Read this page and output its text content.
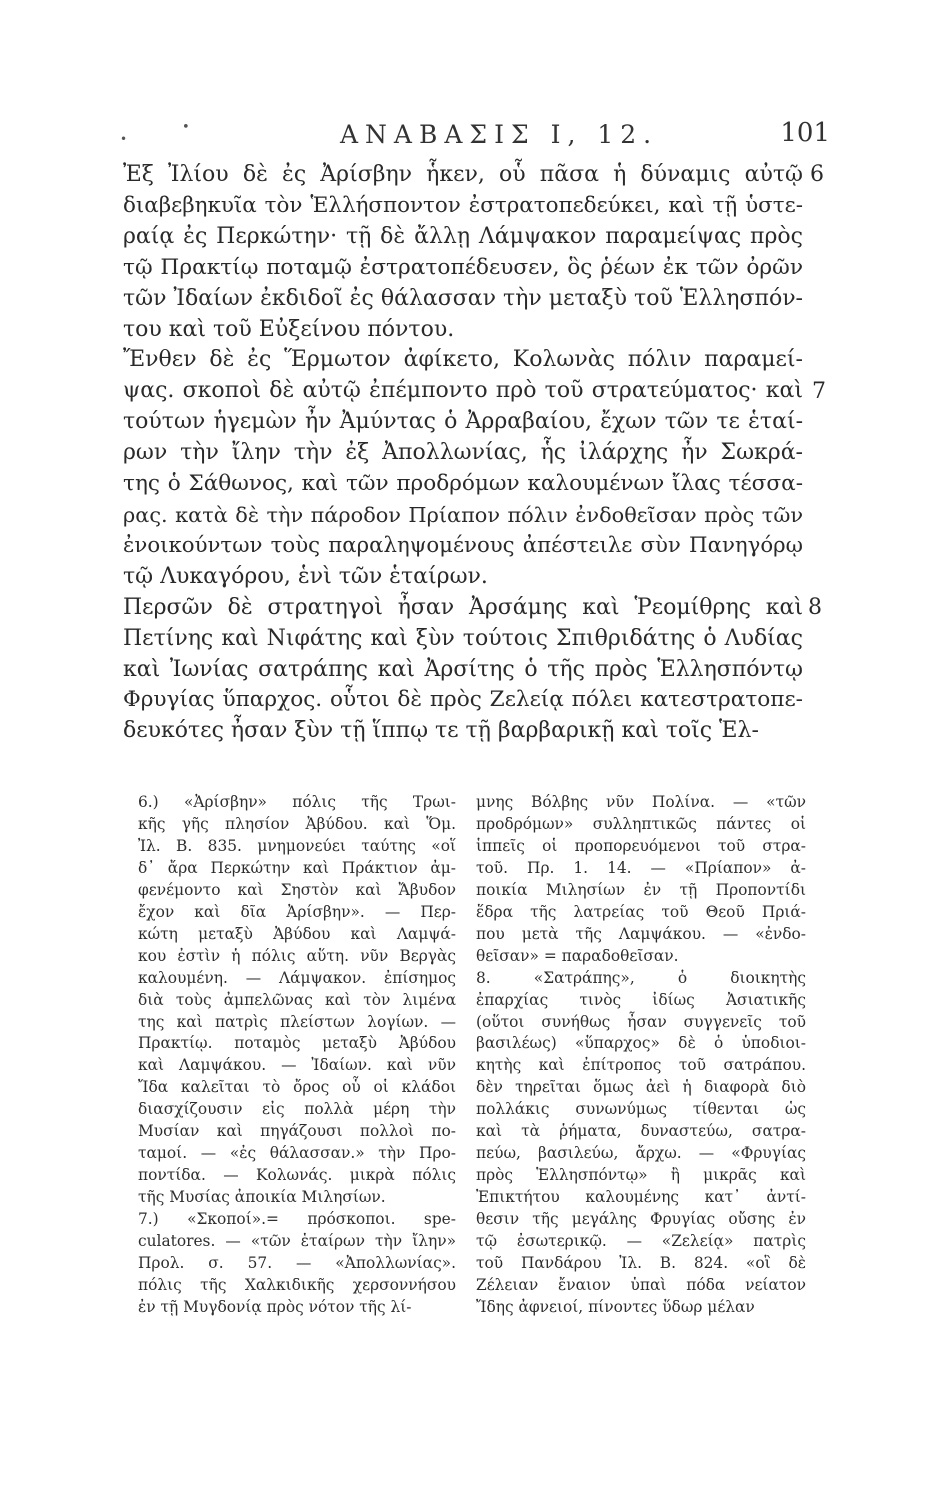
•
•	ΑΝΑΒΑΣΙΣ Ι, 12.	101
Ἐξ Ἰλίου δὲ ἐς Ἀρίσβην ἧκεν, οὗ πᾶσα ἡ δύναμις αὐτῷ
διαβεβηκυῖα τὸν Ἑλλήσποντον ἐστρατοπεδεύκει, καὶ τῇ ὑστε-
ραίᾳ ἐς Περκώτην· τῇ δὲ ἄλλῃ Λάμψακον παραμείψας πρὸς
τῷ Πρακτίῳ ποταμῷ ἐστρατοπέδευσεν, ὃς ῥέων ἐκ τῶν ὀρῶν
τῶν Ἰδαίων ἐκδιδοῖ ἐς θάλασσαν τὴν μεταξὺ τοῦ Ἑλλησπόν-
του καὶ τοῦ Εὐξείνου πόντου.
Ἔνθεν δὲ ἐς Ἕρμωτον ἀφίκετο, Κολωνὰς πόλιν παραμεί-
ψας. σκοποὶ δὲ αὐτῷ ἐπέμποντο πρὸ τοῦ στρατεύματος· καὶ
τούτων ἡγεμὼν ἦν Ἀμύντας ὁ Ἀρραβαίου, ἔχων τῶν τε ἑταί-
ρων τὴν ἴλην τὴν ἐξ Ἀπολλωνίας, ἧς ἰλάρχης ἦν Σωκρά-
της ὁ Σάθωνος, καὶ τῶν προδρόμων καλουμένων ἴλας τέσσα-
ρας. κατὰ δὲ τὴν πάροδον Πρίαπον πόλιν ἐνδοθεῖσαν πρὸς τῶν
ἐνοικούντων τοὺς παραληψομένους ἀπέστειλε σὺν Πανηγόρῳ
τῷ Λυκαγόρου, ἑνὶ τῶν ἑταίρων.
Περσῶν δὲ στρατηγοὶ ἦσαν Ἀρσάμης καὶ Ῥεομίθρης καὶ
Πετίνης καὶ Νιφάτης καὶ ξὺν τούτοις Σπιθριδάτης ὁ Λυδίας
καὶ Ἰωνίας σατράπης καὶ Ἀρσίτης ὁ τῆς πρὸς Ἑλλησπόντῳ
Φρυγίας ὕπαρχος. οὗτοι δὲ πρὸς Ζελείᾳ πόλει κατεστρατοπε-
δευκότες ἦσαν ξὺν τῇ ἵππῳ τε τῇ βαρβαρικῇ καὶ τοῖς Ἑλ-
6
7
8
6.) «Ἀρίσβην» πόλις τῆς Τρωι-
κῆς γῆς πλησίον Ἀβύδου. καὶ Ὅμ.
Ἰλ. Β. 835. μνημονεύει ταύτης «οἵ
δ᾽ ἄρα Περκώτην καὶ Πράκτιον ἀμ-
φενέμοντο καὶ Σηστὸν καὶ Ἄβυδον
ἔχον καὶ δῖα Ἀρίσβην». — Περ-
κώτη μεταξὺ Ἀβύδου καὶ Λαμψά-
κου ἐστὶν ἡ πόλις αὕτη. νῦν Βεργὰς
καλουμένη. — Λάμψακον. ἐπίσημος
διὰ τοὺς ἀμπελῶνας καὶ τὸν λιμένα
της καὶ πατρὶς πλείστων λογίων. —
Πρακτίῳ. ποταμὸς μεταξὺ Ἀβύδου
καὶ Λαμψάκου. — Ἰδαίων. καὶ νῦν
Ἴδα καλεῖται τὸ ὄρος οὗ οἱ κλάδοι
διασχίζουσιν εἰς πολλὰ μέρη τὴν
Μυσίαν καὶ πηγάζουσι πολλοὶ πο-
ταμοί. — «ἐς θάλασσαν.» τὴν Προ-
ποντίδα. — Κολωνάς. μικρὰ πόλις
τῆς Μυσίας ἀποικία Μιλησίων.
7.) «Σκοποί».= πρόσκοποι. spe-
culatores. — «τῶν ἑταίρων τὴν ἴλην»
Προλ. σ. 57. — «Ἀπολλωνίας».
πόλις τῆς Χαλκιδικῆς χερσοννήσου
ἐν τῇ Μυγδονίᾳ πρὸς νότον τῆς λί-
μνης Βόλβης νῦν Πολίνα. — «τῶν
προδρόμων» συλληπτικῶς πάντες οἱ
ἱππεῖς οἱ προπορευόμενοι τοῦ στρα-
τοῦ. Πρ. 1. 14. — «Πρίαπον» ἀ-
ποικία Μιλησίων ἐν τῇ Προποντίδι
ἕδρα τῆς λατρείας τοῦ Θεοῦ Πριά-
που μετὰ τῆς Λαμψάκου. — «ἐνδο-
θεῖσαν» = παραδοθεῖσαν.
8. «Σατράπης», ὁ διοικητὴς
ἐπαρχίας τινὸς ἰδίως Ἀσιατικῆς
(οὕτοι συνήθως ἦσαν συγγενεῖς τοῦ
βασιλέως) «ὕπαρχος» δὲ ὁ ὑποδιοι-
κητὴς καὶ ἐπίτροπος τοῦ σατράπου.
δὲν τηρεῖται ὅμως ἀεὶ ἡ διαφορὰ διὸ
πολλάκις συνωνύμως τίθενται ὡς
καὶ τὰ ῥήματα, δυναστεύω, σατρα-
πεύω, βασιλεύω, ἄρχω. — «Φρυγίας
πρὸς Ἑλλησπόντῳ» ἢ μικρᾶς καὶ
Ἐπικτήτου καλουμένης κατ᾽ ἀντί-
θεσιν τῆς μεγάλης Φρυγίας οὔσης ἐν
τῷ ἐσωτερικῷ. — «Ζελείᾳ» πατρὶς
τοῦ Πανδάρου Ἰλ. Β. 824. «οἳ δὲ
Ζέλειαν ἔναιον ὑπαὶ πόδα νείατον
Ἴδης ἀφνειοί, πίνοντες ὕδωρ μέλαν
